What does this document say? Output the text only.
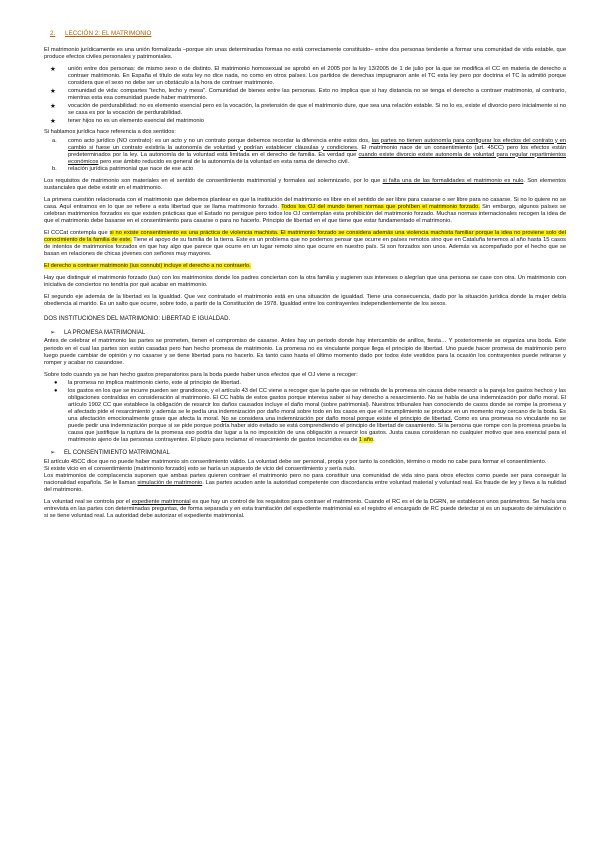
2. LECCIÓN 2: EL MATRIMONIO

El matrimonio jurídicamente es una unión formalizada –porque sin unas determinadas formas no está correctamente constituido– entre dos personas tendente a formar una comunidad de vida estable, que produce efectos civiles personales y patrimoniales.

★ unión entre dos personas: de mismo sexo o de distinto. El matrimonio homosexual se aprobó en el 2005 por la ley 13/2005 de 1 de julio por la que se modifica el CC en materia de derecho a contraer matrimonio. En España el título de esta ley no dice nada, no como en otros países. Los partidos de derechas impugnaron ante el TC esta ley pero por doctrina el TC la admitió porque considera que el sexo no debe ser un obstáculo a la hora de contraer matrimonio.
★ comunidad de vida: compartes "techo, lecho y mesa". Comunidad de bienes entre las personas. Esto no implica que si hay distancia no se tenga el derecho a contraer matrimonio, al contrario, mientras esta esa comunidad puede haber matrimonio.
★ vocación de perdurabilidad: no es elemento esencial pero es la vocación, la pretensión de que el matrimonio dure, que sea una relación estable. Si no lo es, existe el divorcio pero inicialmente si no se casa es por la vocación de perdurabilidad.
★ tener hijos no es un elemento esencial del matrimonio

Si hablamos jurídica hace referencia a dos sentidos:

a. como acto jurídico (NO contrato): es un acto y no un contrato porque debemos recordar la diferencia entre estos dos, las partes no tienen autonomía para configurar los efectos del contrato y en cambio si fuese un contrato existiría la autonomía de voluntad y podrían establecer cláusulas y condiciones. El matrimonio nace de un consentimiento (art. 45CC) pero los efectos están predeterminados por la ley. La autonomía de la voluntad está limitada en el derecho de familia. Es verdad que cuando existe divorcio existe autonomía de voluntad para regular repartimientos económicos pero ese ámbito reducido es general de la autonomía de la voluntad en esta rama de derecho civil.
b. relación jurídica patrimonial que nace de ese acto

Los requisitos de matrimonio son materiales en el sentido de consentimiento matrimonial y formales así solemnizarlo, por lo que si falta una de las formalidades el matrimonio es nulo. Son elementos sustanciales que debe existir en el matrimonio.

La primera cuestión relacionada con el matrimonio que debemos plantear es que la institución del matrimonio es libre en el sentido de ser libre para casarse o ser libre para no casarse. Si no lo quiere no se casa. Aquí entramos en lo que se refiere a esta libertad que se llama matrimonio forzado. Todos los OJ del mundo tienen normas que prohíben el matrimonio forzado. Sin embargo, algunos países se celebran matrimonios forzados es que existen prácticas que el Estado no persigue pero todos los OJ contemplan esta prohibición del matrimonio forzado. Muchas normas internacionales recogen la idea de que el matrimonio debe basarse en el consentimiento para casarse o para no hacerlo. Principio de libertad en el que tiene que estar fundamentado el matrimonio.

El CCCat contempla que si no existe consentimiento es una práctica de violencia machista. El matrimonio forzado se considera además una violencia machista familiar porque la idea no proviene solo del conocimiento de la familia de este. Tiene el apoyo de su familia de la tierra. Este es un problema que no podemos pensar que ocurre en países remotos sino que en Cataluña tenemos al año hasta 15 casos de intentos de matrimonios forzados en que hay algo que parece que ocurre en un lugar remoto sino que ocurre en nuestro país. Si son forzados son unos. Además va acompañado por el hecho que se basan en relaciones de chicas jóvenes con señores muy mayores.

El derecho a contraer matrimonio (ius connubi) incluye el derecho a no contraerlo.

Hay que distinguir el matrimonio forzado (ius) con los matrimonios donde los padres conciertan con la otra familia y sugieren sus intereses o alegrían que una persona se case con otra. Un matrimonio con iniciativa de conciertos no tendría por qué acabar en matrimonio.

El segundo eje además de la libertad es la igualdad. Que vez contratado el matrimonio está en una situación de igualdad. Tiene una consecuencia, dado por la situación jurídica donde la mujer debía obediencia al marido. Es un salto que ocurre, sobre todo, a partir de la Constitución de 1978. Igualdad entre los contrayentes independientemente de los sexos.

DOS INSTITUCIONES DEL MATRIMONIO: LIBERTAD E IGUALDAD.
➢ LA PROMESA MATRIMONIAL

Antes de celebrar el matrimonio las partes se prometen, tienen el compromiso de casarse. Antes hay un periodo donde hay intercambio de anillos, fiesta… Y posteriormente se organiza una boda. Este periodo en el cual las partes son están casadas pero han hecho promesa de matrimonio. La promesa no es vinculante porque llega el principio de libertad. Uno puede hacer promesa de matrimonio pero luego puede cambiar de opinión y no casarse y se tiene libertad para no hacerlo. Es tanto caso hasta el último momento dado por todos éste vestidos para la ocasión los contrayentes puede retirarse y romper y acabar no casandose.

Sobre todo cuando ya se han hecho gastos preparatorios para la boda puede haber unos efectos que el OJ viene a recoger:

● la promesa no implica matrimonio cierto, este al principio de libertad.
● los gastos en los que se incurre pueden ser grandiosos, y el artículo 43 del CC viene a recoger que la parte que se retirada de la promesa sin causa debe resarcir a la pareja los gastos hechos y las obligaciones contraídas en consideración al matrimonio. El CC habla de estos gastos porque interesa saber si hay derecho a resarcimiento. No se habla de una indemnización por daño moral. El artículo 1902 CC que establece la obligación de resarcir los daños causados incluye el daño moral (sobre patrimonial). Nuestros tribunales han conociendo de casos donde se rompe la promesa y el afectado pide el resarcimiento y además se le pedía una indemnización por daño moral sobre todo en los casos en que el incumplimiento se produce en un momento muy cercano de la boda. Es una afectación emocionalmente grave que afecta la moral. No se considera una indemnización por daño moral porque existe el principio de libertad. Como es una promesa no vinculante no se puede pedir una indemnización porque si se pide porque podría haber sido evitado se está comprendiendo el principio de libertad de casamiento. Si la persona que rompe con la promesa prueba la causa que justifique la ruptura de la promesa eso podría dar lugar a la no imposición de una obligación a resarcir los gastos. Justa causa consideran no cualquier motivo que sea esencial para el matrimonio ajeno de las personas contrayentes. El plazo para reclamar el resarcimiento de gastos incurridos es de 1 año.
➢ EL CONSENTIMIENTO MATRIMONIAL

El artículo 45CC dice que no puede haber matrimonio sin consentimiento válido. La voluntad debe ser personal, propia y por tanto la condición, término o modo no cabe para formar el consentimiento.

Si existe vicio en el consentimiento (matrimonio forzado) esto se haría un supuesto de vicio del consentimiento y sería nulo.

Los matrimonios de complacencia suponen que ambas partes quieren contraer el matrimonio pero no para constituir una comunidad de vida sino para otros efectos como puede ser para conseguir la nacionalidad española. Se le llaman simulación de matrimonio. Las partes acuden ante la autoridad competente con discordancia entre voluntad material y voluntad real. Es fraude de ley y lleva a la nulidad del matrimonio.

La voluntad real se controla por el expediente matrimonial es que hay un control de los requisitos para contraer el matrimonio. Cuando el RC es el de la DGRN, se establecen unos parámetros. Se hacía una entrevista en las partes con determinadas preguntas, de forma separada y en esta tramitación del expediente matrimonial es el registro el encargado de RC puede detectar si es un supuesto de simulación o si se tiene voluntad real. La autoridad debe autorizar el expediente matrimonial.
